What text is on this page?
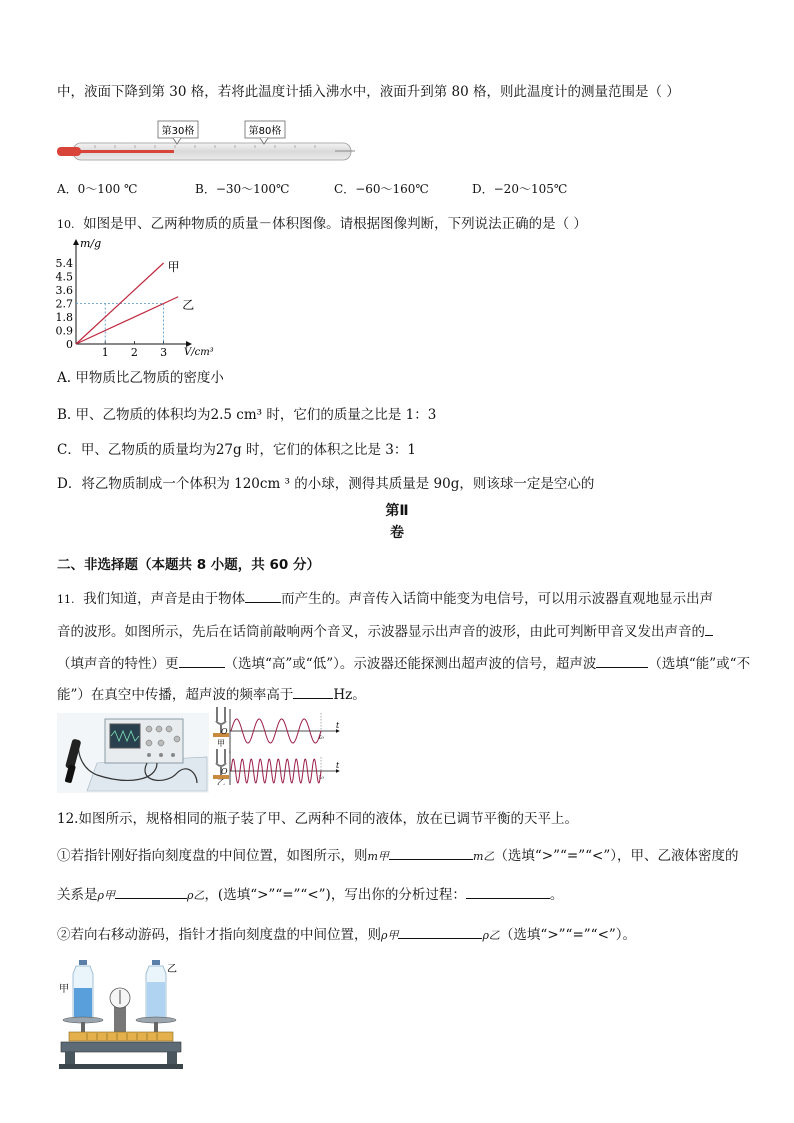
中，液面下降到第 30 格，若将此温度计插入沸水中，液面升到第 80 格，则此温度计的测量范围是（ ）
第30格	第80格
A．0～100 ℃	B．−30～100℃	C．−60～160℃	D．−20～105℃
10. 如图是甲、乙两种物质的质量－体积图像。请根据图像判断，下列说法正确的是（ ）
m/g
V/cm³
5.4
4.5
3.6
2.7
1.8
0.9
0
1 2 3
甲
乙
A. 甲物质比乙物质的密度小
B. 甲、乙物质的体积均为2.5 cm³ 时，它们的质量之比是 1：3
C．甲、乙物质的质量均为27g 时，它们的体积之比是 3：1
D．将乙物质制成一个体积为 120cm ³ 的小球，测得其质量是 90g，则该球一定是空心的
第Ⅱ
卷
二、非选择题（本题共 8 小题，共 60 分）
11. 我们知道，声音是由于物体	而产生的。声音传入话筒中能变为电信号，可以用示波器直观地显示出声
音的波形。如图所示，先后在话筒前敲响两个音叉，示波器显示出声音的波形，由此可判断甲音叉发出声音的
（填声音的特性）更	（选填“高”或“低”）。示波器还能探测出超声波的信号，超声波	（选填“能”或“不
能”）在真空中传播，超声波的频率高于	Hz。
甲
乙
O
t
t₀
O
t
t₀
12.如图所示，规格相同的瓶子装了甲、乙两种不同的液体，放在已调节平衡的天平上。
①若指针刚好指向刻度盘的中间位置，如图所示，则m甲	m乙（选填“>”“=”“<”），甲、乙液体密度的
关系是ρ甲	ρ乙，(选填“>”“=”“<”)，写出你的分析过程：	。
②若向右移动游码，指针才指向刻度盘的中间位置，则ρ甲	ρ乙（选填“>”“=”“<”）。
甲
乙
